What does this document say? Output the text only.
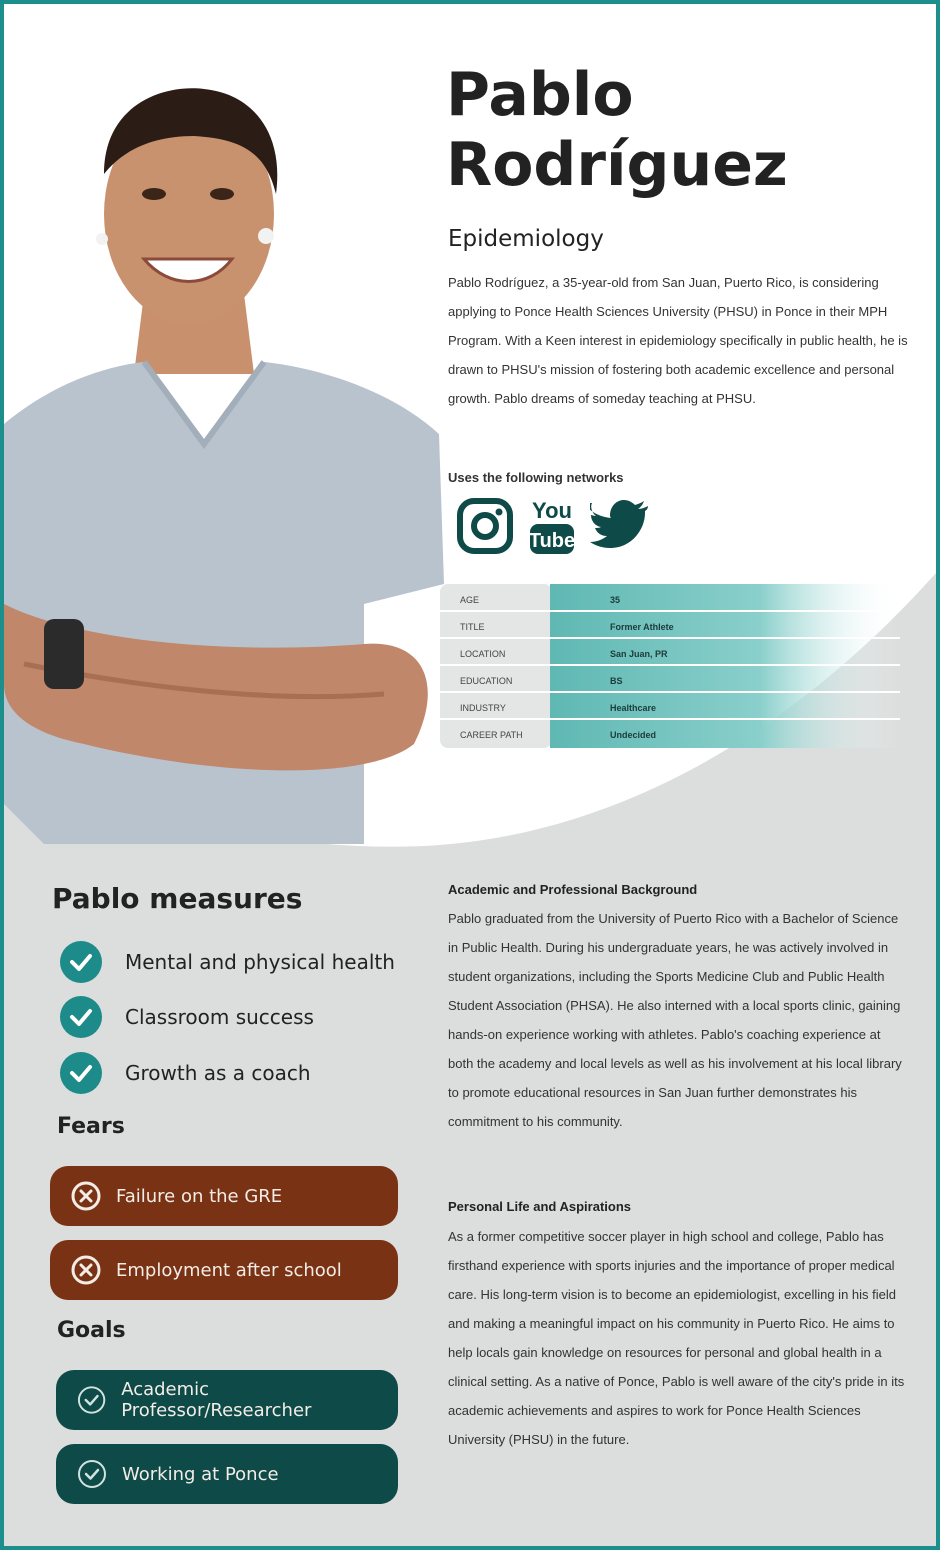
Pablo
Rodríguez
Epidemiology
Pablo Rodríguez, a 35-year-old from San Juan, Puerto Rico, is considering applying to Ponce Health Sciences University (PHSU) in Ponce in their MPH Program. With a Keen interest in epidemiology specifically in public health, he is drawn to PHSU's mission of fostering both academic excellence and personal growth. Pablo dreams of someday teaching at PHSU.
Uses the following networks
You
Tube
AGE	35
TITLE	Former Athlete
LOCATION	San Juan, PR
EDUCATION	BS
INDUSTRY	Healthcare
CAREER PATH	Undecided
Pablo measures
Mental and physical health
Classroom success
Growth as a coach
Fears
Failure on the GRE
Employment after school
Goals
Academic Professor/Researcher
Working at Ponce
Academic and Professional Background
Pablo graduated from the University of Puerto Rico with a Bachelor of Science in Public Health. During his undergraduate years, he was actively involved in student organizations, including the Sports Medicine Club and Public Health Student Association (PHSA). He also interned with a local sports clinic, gaining hands-on experience working with athletes. Pablo's coaching experience at both the academy and local levels as well as his involvement at his local library to promote educational resources in San Juan further demonstrates his commitment to his community.
Personal Life and Aspirations
As a former competitive soccer player in high school and college, Pablo has firsthand experience with sports injuries and the importance of proper medical care. His long-term vision is to become an epidemiologist, excelling in his field and making a meaningful impact on his community in Puerto Rico. He aims to help locals gain knowledge on resources for personal and global health in a clinical setting. As a native of Ponce, Pablo is well aware of the city's pride in its academic achievements and aspires to work for Ponce Health Sciences University (PHSU) in the future.
